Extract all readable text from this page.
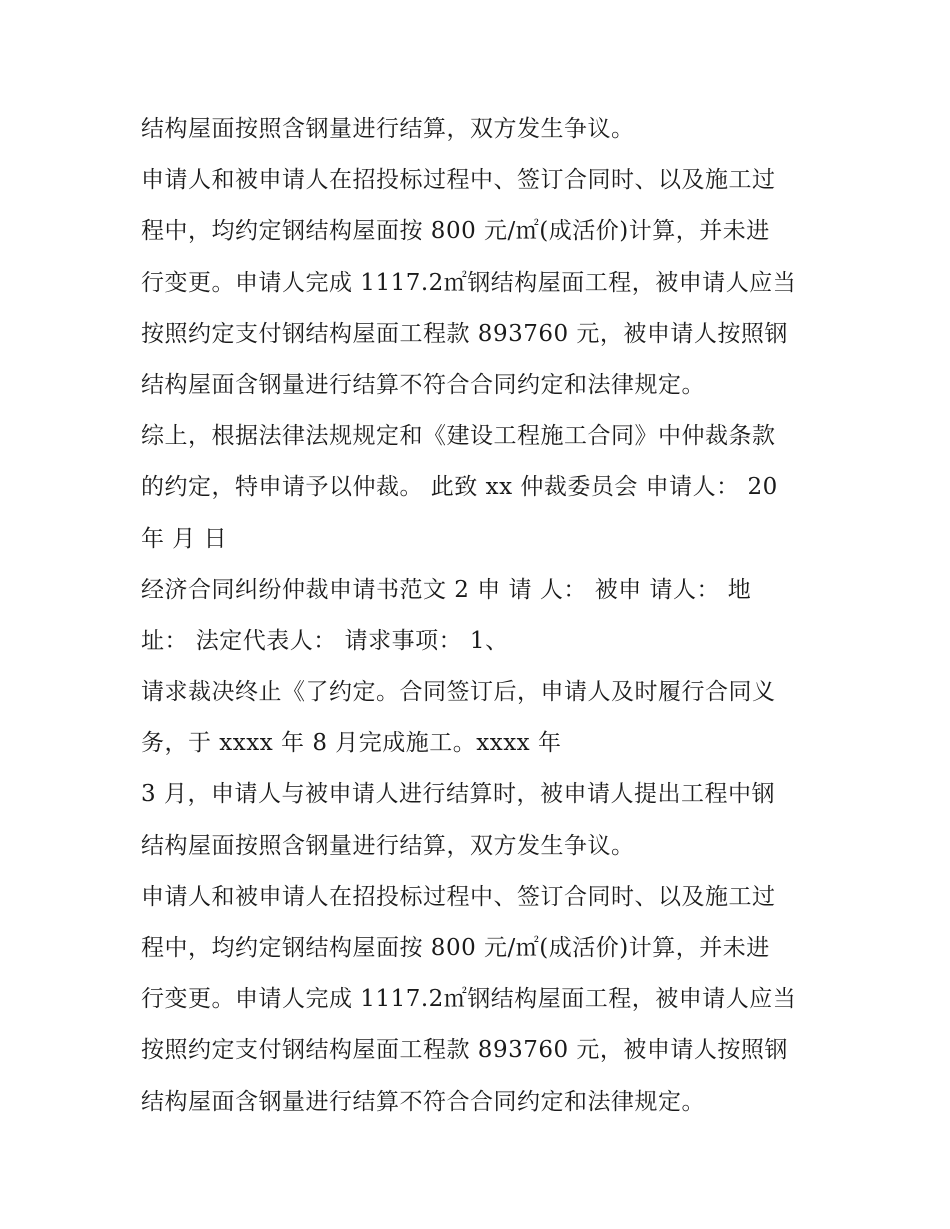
结构屋面按照含钢量进行结算，双方发生争议。
申请人和被申请人在招投标过程中、签订合同时、以及施工过
程中，均约定钢结构屋面按 800 元/㎡(成活价)计算，并未进
行变更。申请人完成 1117.2㎡钢结构屋面工程，被申请人应当
按照约定支付钢结构屋面工程款 893760 元，被申请人按照钢
结构屋面含钢量进行结算不符合合同约定和法律规定。
综上，根据法律法规规定和《建设工程施工合同》中仲裁条款
的约定，特申请予以仲裁。 此致 xx 仲裁委员会 申请人： 20
年 月 日
经济合同纠纷仲裁申请书范文 2 申 请 人： 被申 请人： 地
址： 法定代表人： 请求事项： 1、
请求裁决终止《了约定。合同签订后，申请人及时履行合同义
务，于 xxxx 年 8 月完成施工。xxxx 年
3 月，申请人与被申请人进行结算时，被申请人提出工程中钢
结构屋面按照含钢量进行结算，双方发生争议。
申请人和被申请人在招投标过程中、签订合同时、以及施工过
程中，均约定钢结构屋面按 800 元/㎡(成活价)计算，并未进
行变更。申请人完成 1117.2㎡钢结构屋面工程，被申请人应当
按照约定支付钢结构屋面工程款 893760 元，被申请人按照钢
结构屋面含钢量进行结算不符合合同约定和法律规定。
